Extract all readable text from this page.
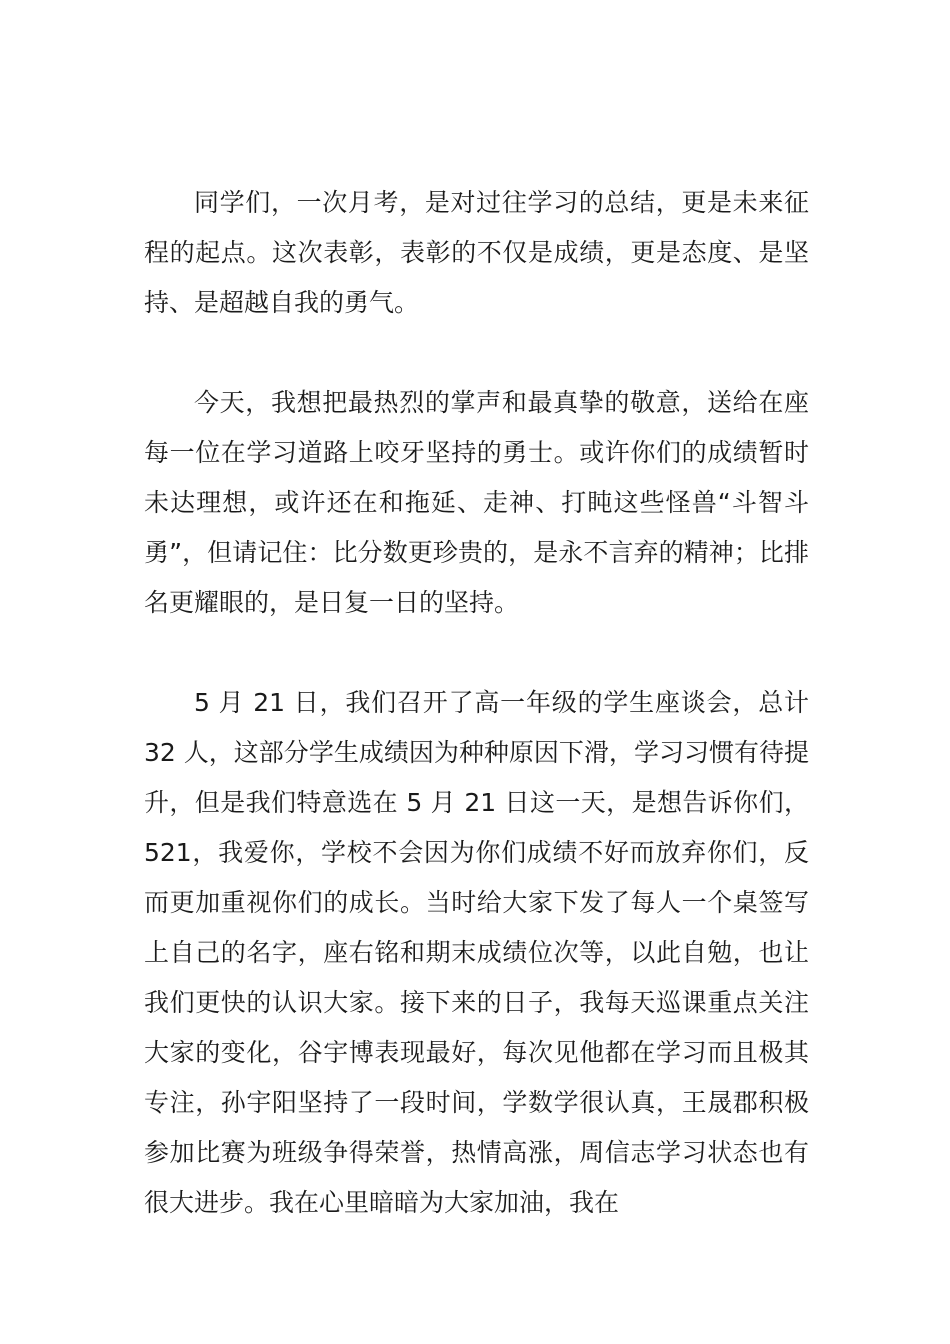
同学们，一次月考，是对过往学习的总结，更是未来征程的起点。这次表彰，表彰的不仅是成绩，更是态度、是坚持、是超越自我的勇气。

今天，我想把最热烈的掌声和最真挚的敬意，送给在座每一位在学习道路上咬牙坚持的勇士。或许你们的成绩暂时未达理想，或许还在和拖延、走神、打盹这些怪兽“斗智斗勇”，但请记住：比分数更珍贵的，是永不言弃的精神；比排名更耀眼的，是日复一日的坚持。

5 月 21 日，我们召开了高一年级的学生座谈会，总计 32 人，这部分学生成绩因为种种原因下滑，学习习惯有待提升，但是我们特意选在 5 月 21 日这一天，是想告诉你们，521，我爱你，学校不会因为你们成绩不好而放弃你们，反而更加重视你们的成长。当时给大家下发了每人一个桌签写上自己的名字，座右铭和期末成绩位次等，以此自勉，也让我们更快的认识大家。接下来的日子，我每天巡课重点关注大家的变化，谷宇博表现最好，每次见他都在学习而且极其专注，孙宇阳坚持了一段时间，学数学很认真，王晟郡积极参加比赛为班级争得荣誉，热情高涨，周信志学习状态也有很大进步。我在心里暗暗为大家加油，我在
